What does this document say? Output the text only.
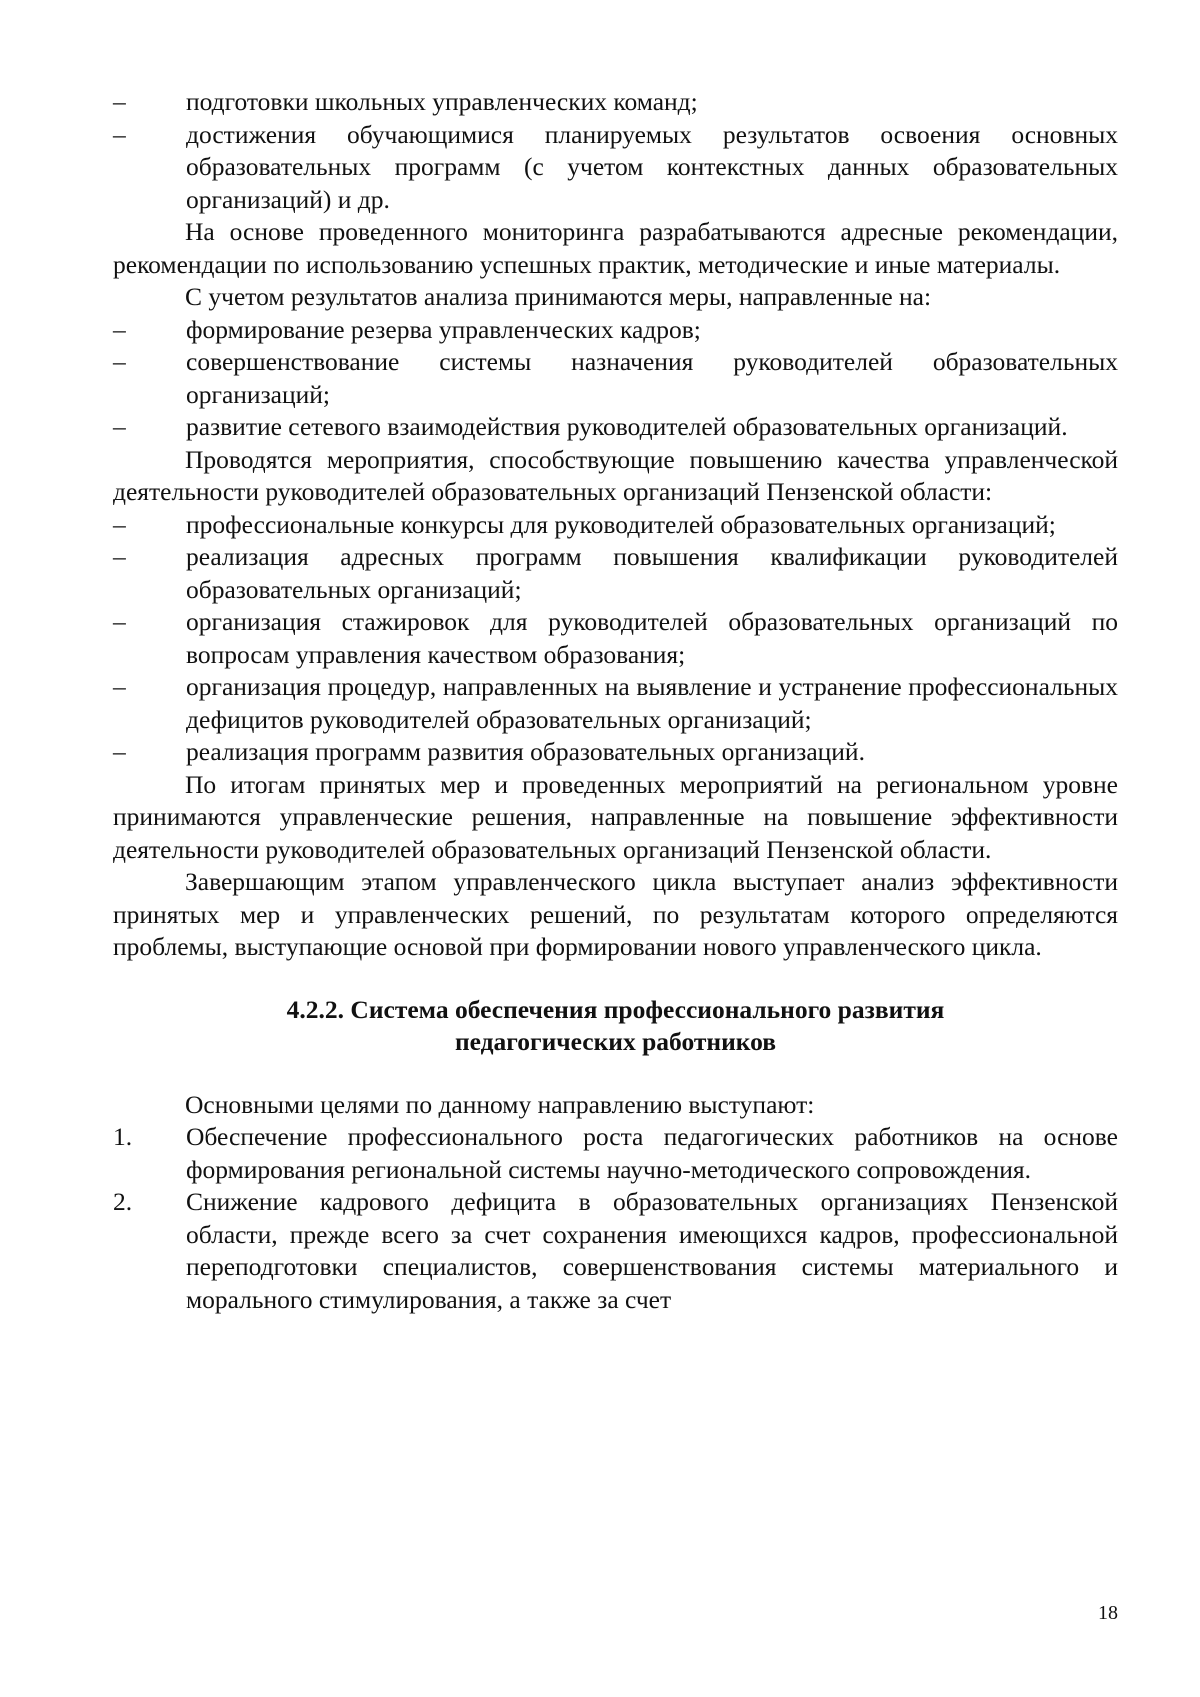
– подготовки школьных управленческих команд;
– достижения обучающимися планируемых результатов освоения основных образовательных программ (с учетом контекстных данных образовательных организаций) и др.
На основе проведенного мониторинга разрабатываются адресные рекомендации, рекомендации по использованию успешных практик, методические и иные материалы.
С учетом результатов анализа принимаются меры, направленные на:
– формирование резерва управленческих кадров;
– совершенствование системы назначения руководителей образовательных организаций;
– развитие сетевого взаимодействия руководителей образовательных организаций.
Проводятся мероприятия, способствующие повышению качества управленческой деятельности руководителей образовательных организаций Пензенской области:
– профессиональные конкурсы для руководителей образовательных организаций;
– реализация адресных программ повышения квалификации руководителей образовательных организаций;
– организация стажировок для руководителей образовательных организаций по вопросам управления качеством образования;
– организация процедур, направленных на выявление и устранение профессиональных дефицитов руководителей образовательных организаций;
– реализация программ развития образовательных организаций.
По итогам принятых мер и проведенных мероприятий на региональном уровне принимаются управленческие решения, направленные на повышение эффективности деятельности руководителей образовательных организаций Пензенской области.
Завершающим этапом управленческого цикла выступает анализ эффективности принятых мер и управленческих решений, по результатам которого определяются проблемы, выступающие основой при формировании нового управленческого цикла.
4.2.2. Система обеспечения профессионального развития
педагогических работников
Основными целями по данному направлению выступают:
1. Обеспечение профессионального роста педагогических работников на основе формирования региональной системы научно-методического сопровождения.
2. Снижение кадрового дефицита в образовательных организациях Пензенской области, прежде всего за счет сохранения имеющихся кадров, профессиональной переподготовки специалистов, совершенствования системы материального и морального стимулирования, а также за счет
18
